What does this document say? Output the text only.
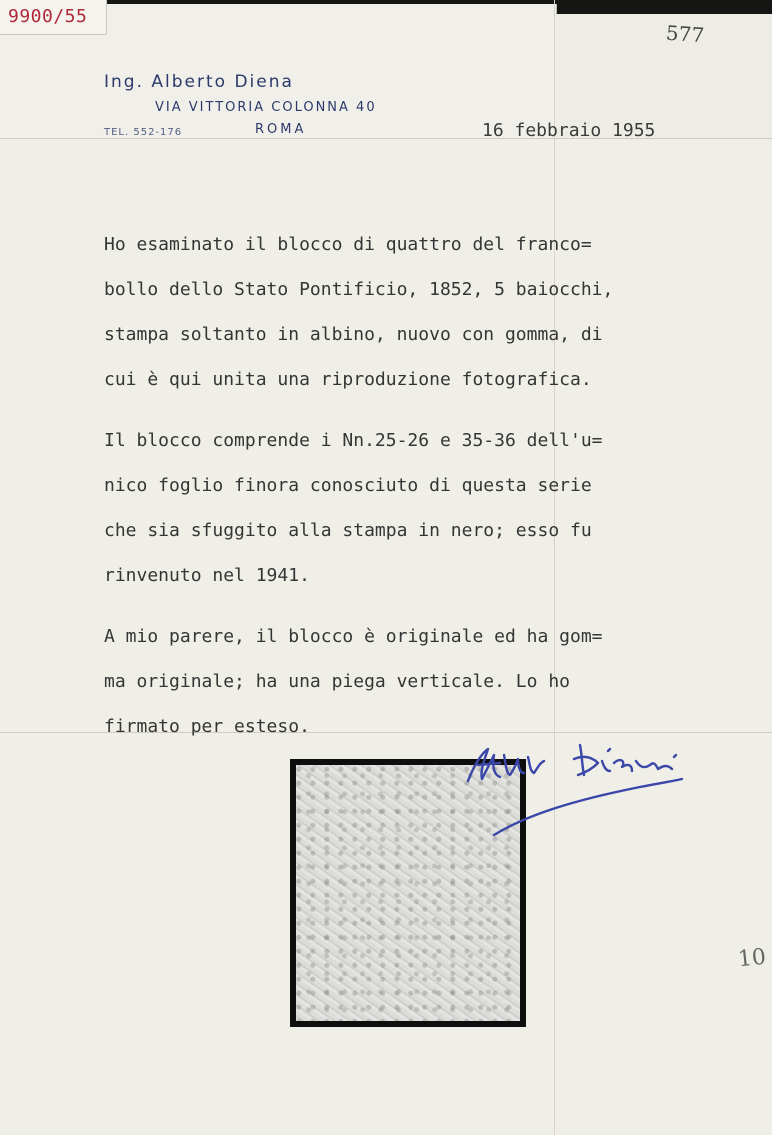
9900/55
577
Ing. Alberto Diena
VIA VITTORIA COLONNA 40
TEL. 552-176	ROMA	16 febbraio 1955

Ho esaminato il blocco di quattro del franco=
bollo dello Stato Pontificio, 1852, 5 baiocchi,
stampa soltanto in albino, nuovo con gomma, di
cui è qui unita una riproduzione fotografica.

Il blocco comprende i Nn.25-26 e 35-36 dell'u=
nico foglio finora conosciuto di questa serie
che sia sfuggito alla stampa in nero; esso fu
rinvenuto nel 1941.

A mio parere, il blocco è originale ed ha gom=
ma originale; ha una piega verticale. Lo ho
firmato per esteso.	Alberto Diena
10
